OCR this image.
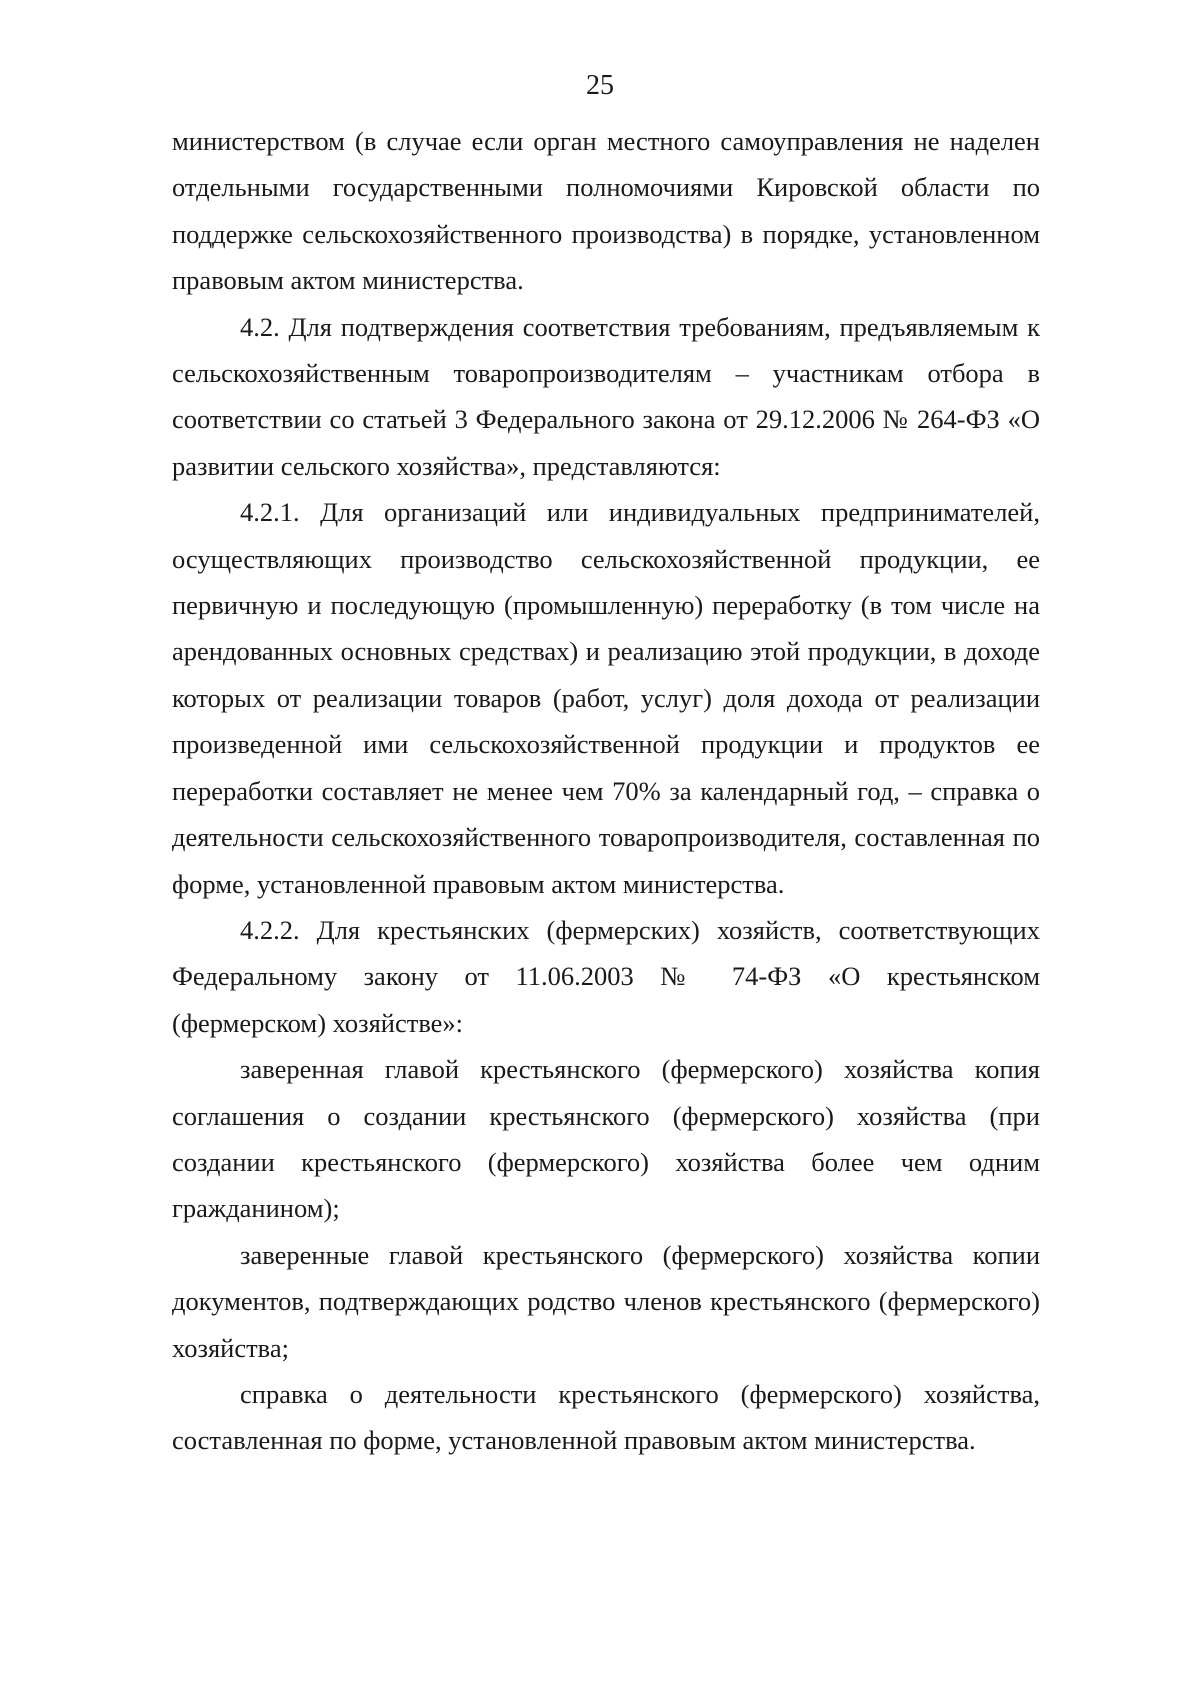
25

министерством (в случае если орган местного самоуправления не наделен отдельными государственными полномочиями Кировской области по поддержке сельскохозяйственного производства) в порядке, установленном правовым актом министерства.

4.2. Для подтверждения соответствия требованиям, предъявляемым к сельскохозяйственным товаропроизводителям – участникам отбора в соответствии со статьей 3 Федерального закона от 29.12.2006 № 264-ФЗ «О развитии сельского хозяйства», представляются:

4.2.1. Для организаций или индивидуальных предпринимателей, осуществляющих производство сельскохозяйственной продукции, ее первичную и последующую (промышленную) переработку (в том числе на арендованных основных средствах) и реализацию этой продукции, в доходе которых от реализации товаров (работ, услуг) доля дохода от реализации произведенной ими сельскохозяйственной продукции и продуктов ее переработки составляет не менее чем 70% за календарный год, – справка о деятельности сельскохозяйственного товаропроизводителя, составленная по форме, установленной правовым актом министерства.

4.2.2. Для крестьянских (фермерских) хозяйств, соответствующих Федеральному закону от 11.06.2003 № 74-ФЗ «О крестьянском (фермерском) хозяйстве»:

заверенная главой крестьянского (фермерского) хозяйства копия соглашения о создании крестьянского (фермерского) хозяйства (при создании крестьянского (фермерского) хозяйства более чем одним гражданином);

заверенные главой крестьянского (фермерского) хозяйства копии документов, подтверждающих родство членов крестьянского (фермерского) хозяйства;

справка о деятельности крестьянского (фермерского) хозяйства, составленная по форме, установленной правовым актом министерства.
